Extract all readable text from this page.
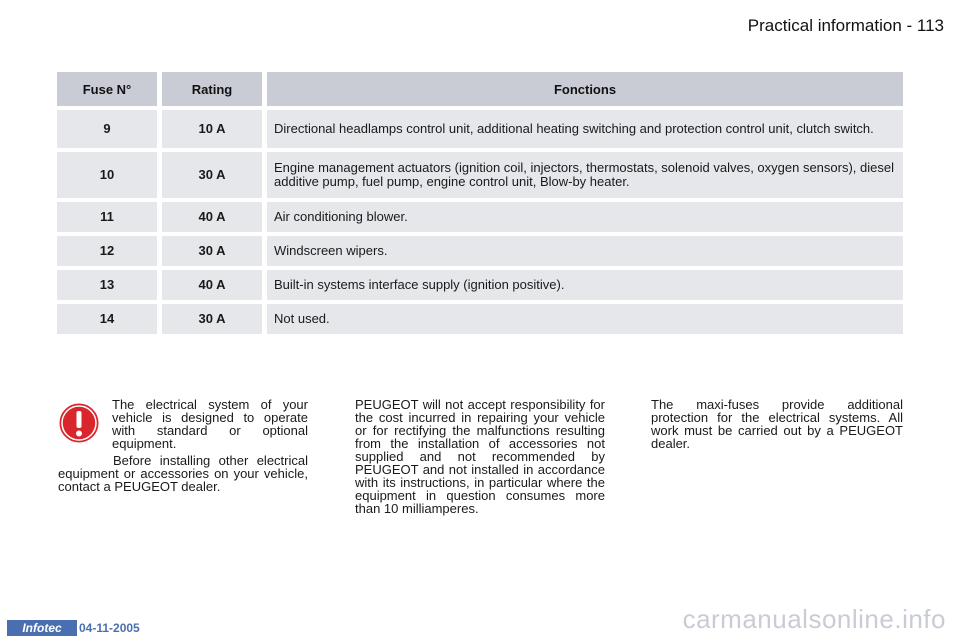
Practical information - 113
Fuse N°	Rating	Fonctions
9	10 A	Directional headlamps control unit, additional heating switching and protection control unit, clutch switch.
10	30 A	Engine management actuators (ignition coil, injectors, thermostats, solenoid valves, oxygen sensors), diesel additive pump, fuel pump, engine control unit, Blow-by heater.
11	40 A	Air conditioning blower.
12	30 A	Windscreen wipers.
13	40 A	Built-in systems interface supply (ignition positive).
14	30 A	Not used.

The electrical system of your vehicle is designed to operate with standard or optional equipment.

Before installing other electrical equipment or accessories on your vehicle, contact a PEUGEOT dealer.

PEUGEOT will not accept responsibility for the cost incurred in repairing your vehicle or for rectifying the malfunctions resulting from the installation of accessories not supplied and not recommended by PEUGEOT and not installed in accordance with its instructions, in particular where the equipment in question consumes more than 10 milliamperes.

The maxi-fuses provide additional protection for the electrical systems. All work must be carried out by a PEUGEOT dealer.

Infotec	04-11-2005	carmanualsonline.info
